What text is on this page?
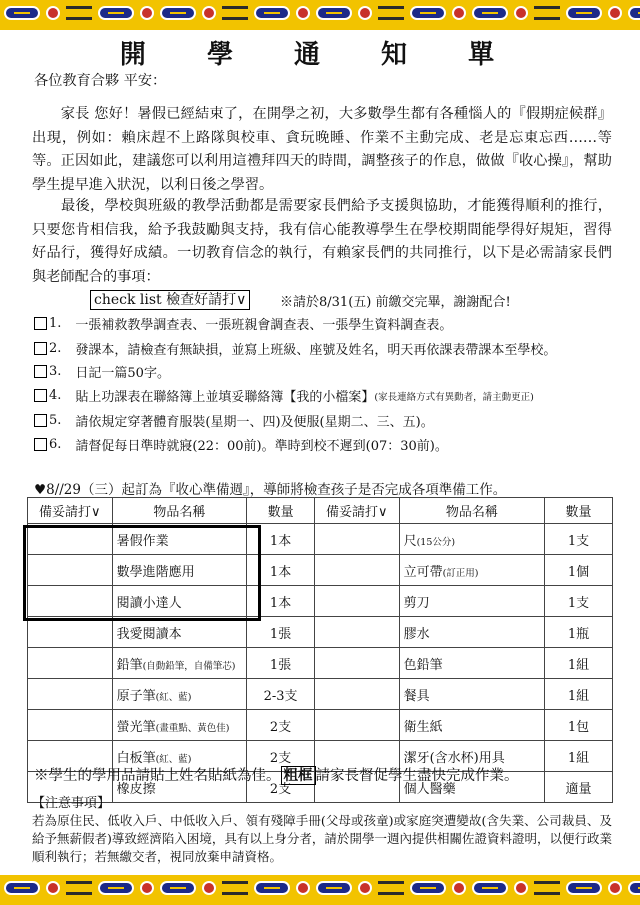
開 學 通 知 單
各位教育合夥 平安：
　　家長 您好！暑假已經結束了，在開學之初，大多數學生都有各種惱人的『假期症候群』出現，例如：賴床趕不上路隊與校車、貪玩晚睡、作業不主動完成、老是忘東忘西……等等。正因如此，建議您可以利用這禮拜四天的時間，調整孩子的作息，做做『收心操』，幫助學生提早進入狀況，以利日後之學習。
　　最後，學校與班級的教學活動都是需要家長們給予支援與協助，才能獲得順利的推行，只要您肯相信我，給予我鼓勵與支持，我有信心能教導學生在學校期間能學得好規矩，習得好品行，獲得好成績。一切教育信念的執行，有賴家長們的共同推行，以下是必需請家長們與老師配合的事項：
check list 檢查好請打∨	※請於8/31(五) 前繳交完畢，謝謝配合!
1. 一張補救教學調查表、一張班親會調查表、一張學生資料調查表。
2. 發課本，請檢查有無缺損，並寫上班級、座號及姓名，明天再依課表帶課本至學校。
3. 日記一篇50字。
4. 貼上功課表在聯絡簿上並填妥聯絡簿【我的小檔案】 (家長連絡方式有異動者，請主動更正)
5. 請依規定穿著體育服裝(星期一、四)及便服(星期二、三、五)。
6. 請督促每日準時就寢(22：00前)。準時到校不遲到(07：30前)。
♥8//29（三）起訂為『收心準備週』，導師將檢查孩子是否完成各項準備工作。
備妥請打∨	物品名稱	數量	備妥請打∨	物品名稱	數量
	暑假作業	1本		尺(15公分)	1支
	數學進階應用	1本		立可帶(訂正用)	1個
	閱讀小達人	1本		剪刀	1支
	我愛閱讀本	1張		膠水	1瓶
	鉛筆(自動鉛筆，自備筆芯)	1張		色鉛筆	1組
	原子筆(紅、藍)	2-3支		餐具	1組
	螢光筆(畫重點、黃色佳)	2支		衛生紙	1包
	白板筆(紅、藍)	2支		潔牙(含水杯)用具	1組
	橡皮擦	2支		個人醫藥	適量
※學生的學用品請貼上姓名貼紙為佳。 粗框 請家長督促學生盡快完成作業。
【注意事項】
若為原住民、低收入戶、中低收入戶、領有殘障手冊(父母或孩童)或家庭突遭變故(含失業、公司裁員、及給予無薪假者)導致經濟陷入困境，具有以上身分者，請於開學一週內提供相關佐證資料證明，以便行政業順利執行；若無繳交者，視同放棄申請資格。
